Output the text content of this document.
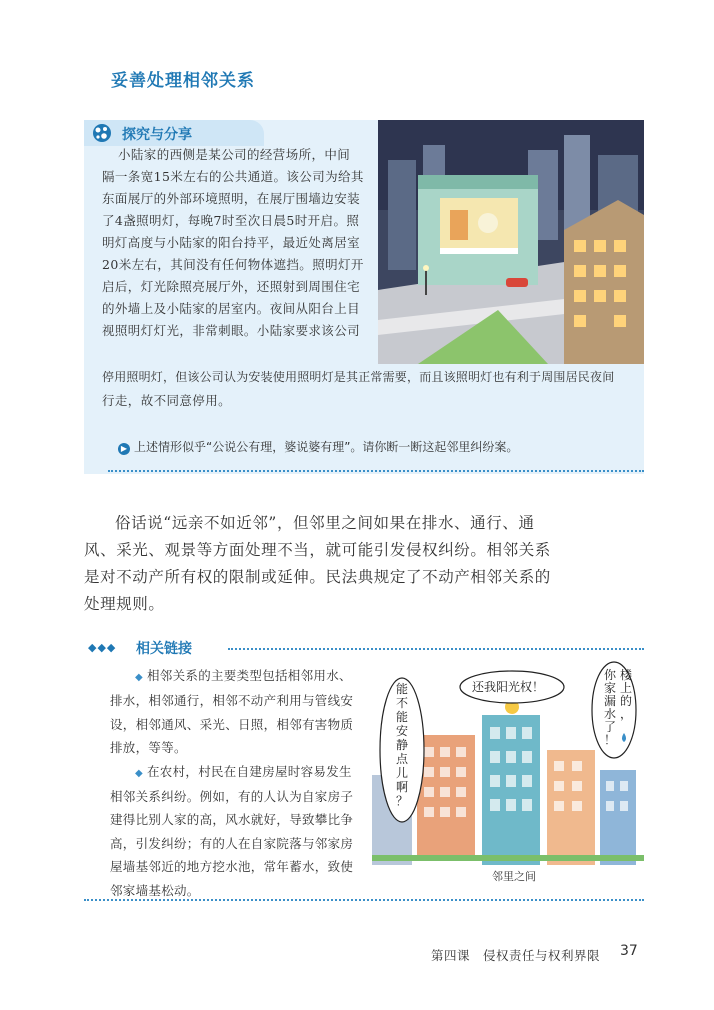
妥善处理相邻关系
探究与分享
小陆家的西侧是某公司的经营场所，中间
隔一条宽15米左右的公共通道。该公司为给其
东面展厅的外部环境照明，在展厅围墙边安装
了4盏照明灯，每晚7时至次日晨5时开启。照
明灯高度与小陆家的阳台持平，最近处离居室
20米左右，其间没有任何物体遮挡。照明灯开
启后，灯光除照亮展厅外，还照射到周围住宅
的外墙上及小陆家的居室内。夜间从阳台上目
视照明灯灯光，非常刺眼。小陆家要求该公司
停用照明灯，但该公司认为安装使用照明灯是其正常需要，而且该照明灯也有利于周围居民夜间
行走，故不同意停用。
▶ 上述情形似乎“公说公有理，婆说婆有理”。请你断一断这起邻里纠纷案。
俗话说“远亲不如近邻”，但邻里之间如果在排水、通行、通风、采光、观景等方面处理不当，就可能引发侵权纠纷。相邻关系是对不动产所有权的限制或延伸。民法典规定了不动产相邻关系的处理规则。
◆◆◆ 相关链接

◆ 相邻关系的主要类型包括相邻用水、排水，相邻通行，相邻不动产利用与管线安设，相邻通风、采光、日照，相邻有害物质排放，等等。

◆ 在农村，村民在自建房屋时容易发生相邻关系纠纷。例如，有的人认为自家房子建得比别人家的高，风水就好，导致攀比争高，引发纠纷；有的人在自家院落与邻家房屋墙基邻近的地方挖水池，常年蓄水，致使邻家墙基松动。

还我阳光权！
能
不
能
安
静
点
儿
啊
？
楼
上
的
，
你
家
漏
水
了
！
邻里之间
第四课　侵权责任与权利界限 37
